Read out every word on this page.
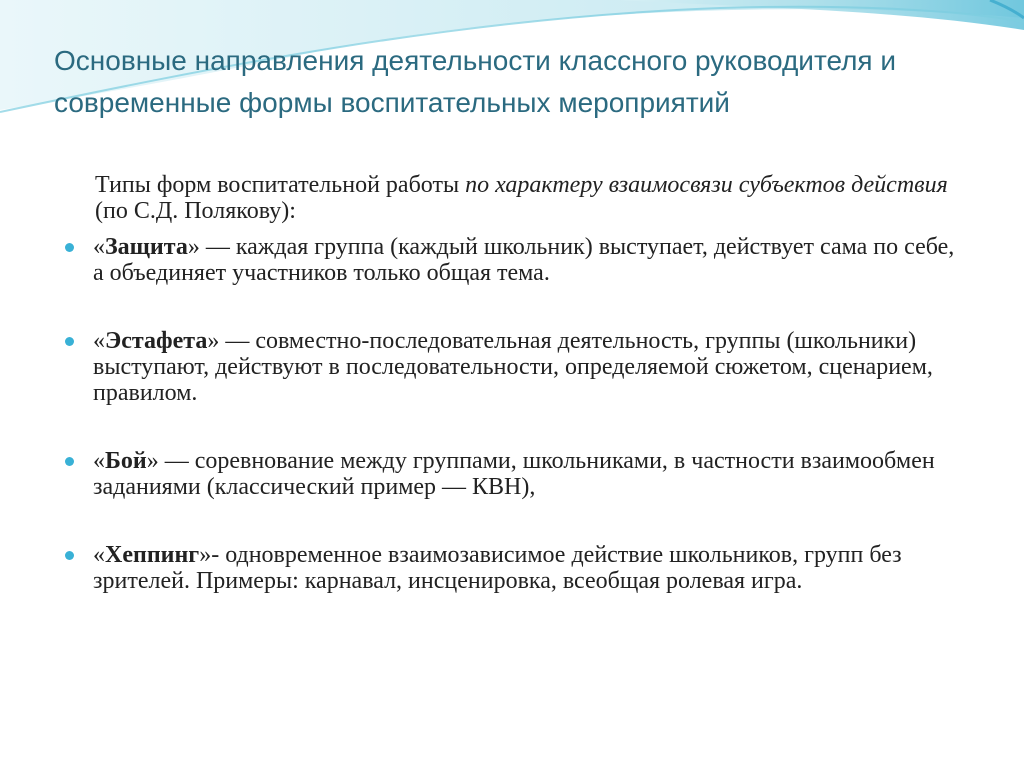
Основные направления деятельности классного руководителя и современные формы воспитательных мероприятий

Типы форм воспитательной работы по характеру взаимосвязи субъектов действия (по С.Д. Полякову):

«Защита» — каждая группа (каждый школьник) выступает, действует сама по себе, а объединяет участников только общая тема.
«Эстафета» — совместно-последовательная деятельность, группы (школьники) выступают, действуют в последовательности, определяемой сюжетом, сценарием, правилом.
«Бой» — соревнование между группами, школьниками, в частности взаимообмен заданиями (классический пример — КВН),
«Хеппинг»- одновременное взаимозависимое действие школьников, групп без зрителей. Примеры: карнавал, инсценировка, всеобщая ролевая игра.
